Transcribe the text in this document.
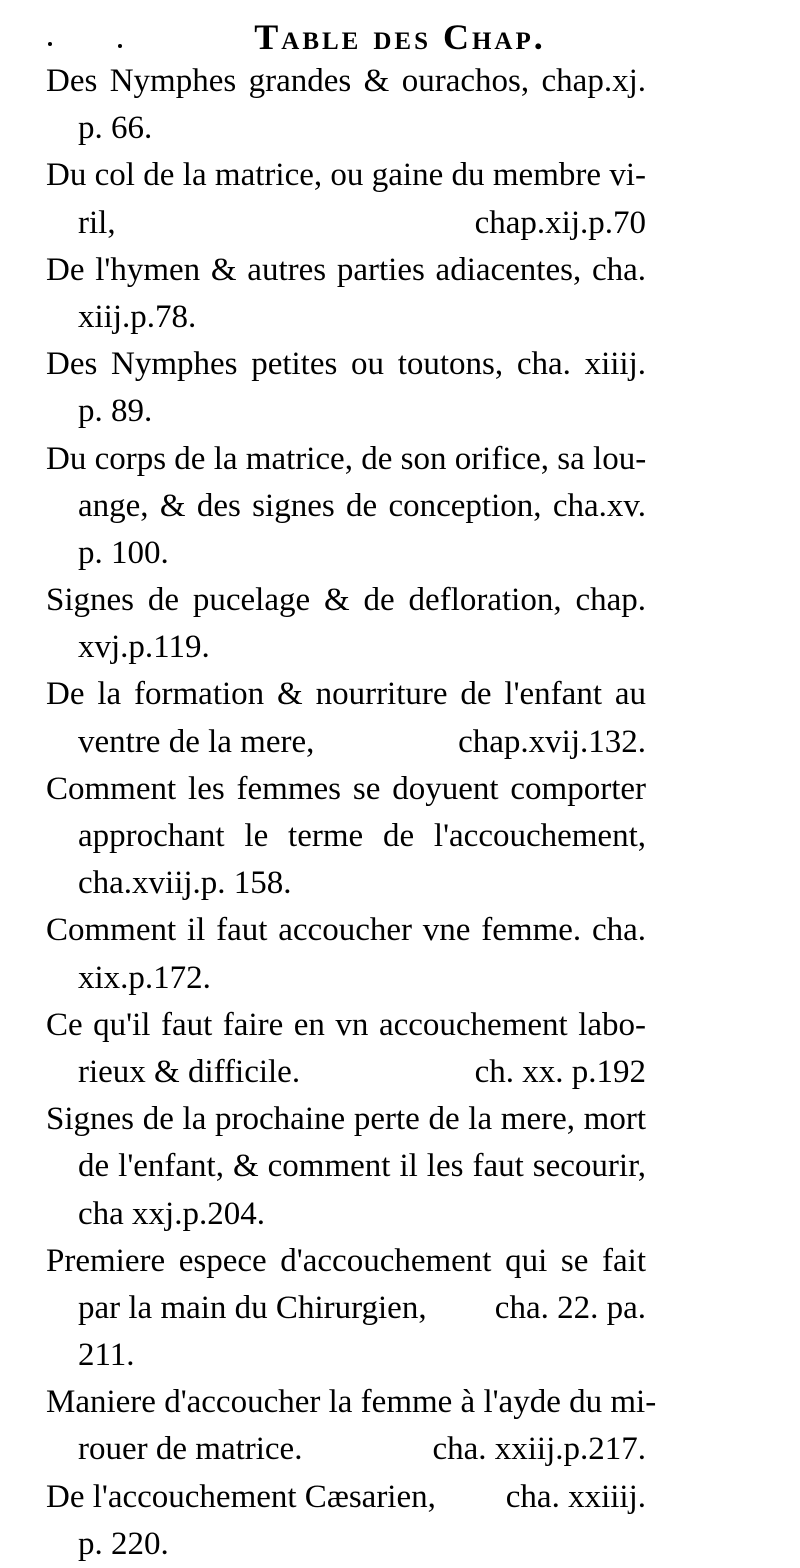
Table des Chap.
Des Nymphes grandes & ourachos, chap.xj.
p. 66.
Du col de la matrice, ou gaine du membre vi-
ril,	chap.xij.p.70
De l'hymen & autres parties adiacentes, cha.
xiij.p.78.
Des Nymphes petites ou toutons, cha. xiiij.
p. 89.
Du corps de la matrice, de son orifice, sa lou-
ange, & des signes de conception, cha.xv.
p. 100.
Signes de pucelage & de defloration, chap.
xvj.p.119.
De la formation & nourriture de l'enfant au
ventre de la mere,	chap.xvij.132.
Comment les femmes se doyuent comporter
approchant le terme de l'accouchement,
cha.xviij.p. 158.
Comment il faut accoucher vne femme. cha.
xix.p.172.
Ce qu'il faut faire en vn accouchement labo-
rieux & difficile.	ch. xx. p.192
Signes de la prochaine perte de la mere, mort
de l'enfant, & comment il les faut secourir,
cha xxj.p.204.
Premiere espece d'accouchement qui se fait
par la main du Chirurgien,	cha. 22. pa.
211.
Maniere d'accoucher la femme à l'ayde du mi-
rouer de matrice.	cha. xxiij.p.217.
De l'accouchement Cæsarien,	cha. xxiiij.
p. 220.
